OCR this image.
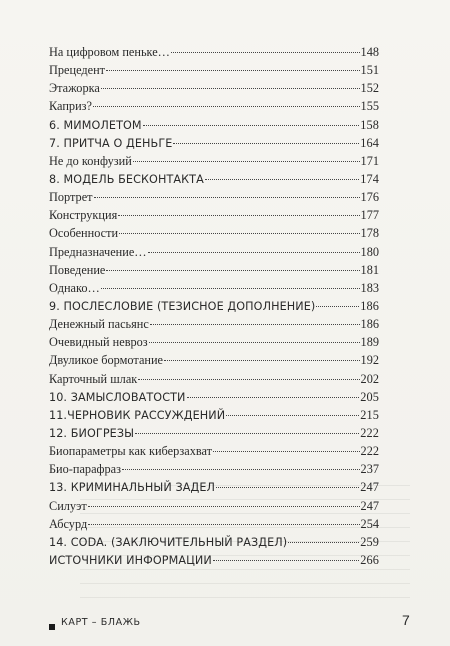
На цифровом пеньке…	148
Прецедент	151
Этажорка	152
Каприз?	155
6. МИМОЛЕТОМ	158
7. ПРИТЧА О ДЕНЬГЕ	164
Не до конфузий	171
8. МОДЕЛЬ БЕСКОНТАКТА	174
Портрет	176
Конструкция	177
Особенности	178
Предназначение…	180
Поведение	181
Однако…	183
9. ПОСЛЕСЛОВИЕ (ТЕЗИСНОЕ ДОПОЛНЕНИЕ)	186
Денежный пасьянс	186
Очевидный невроз	189
Двуликое бормотание	192
Карточный шлак	202
10. ЗАМЫСЛОВАТОСТИ	205
11.ЧЕРНОВИК РАССУЖДЕНИЙ	215
12. БИОГРЕЗЫ	222
Биопараметры как киберзахват	222
Био-парафраз	237
13. КРИМИНАЛЬНЫЙ ЗАДЕЛ	247
Силуэт	247
Абсурд	254
14. CODA. (ЗАКЛЮЧИТЕЛЬНЫЙ РАЗДЕЛ)	259
ИСТОЧНИКИ ИНФОРМАЦИИ	266
КАРТ – БЛАЖЬ	7
